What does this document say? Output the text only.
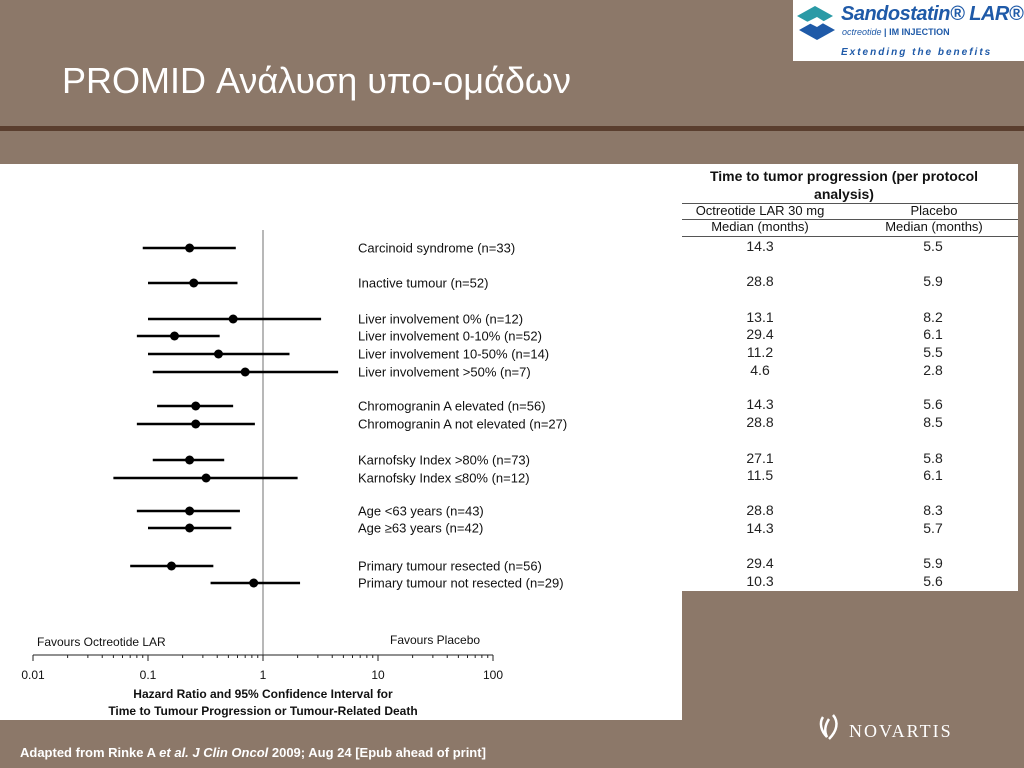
PROMID Ανάλυση υπο-ομάδων
Sandostatin® LAR®
octreotide | IM INJECTION
Extending the benefits
0.01	0.1	1	10	100
Hazard Ratio and 95% Confidence Interval for
Time to Tumour Progression or Tumour-Related Death
Favours Octreotide LAR	Favours Placebo
Carcinoid syndrome (n=33)
Inactive tumour (n=52)
Liver involvement 0% (n=12)
Liver involvement 0-10% (n=52)
Liver involvement 10-50% (n=14)
Liver involvement >50% (n=7)
Chromogranin A elevated (n=56)
Chromogranin A not elevated (n=27)
Karnofsky Index >80% (n=73)
Karnofsky Index ≤80% (n=12)
Age <63 years (n=43)
Age ≥63 years (n=42)
Primary tumour resected (n=56)
Primary tumour not resected (n=29)
Time to tumor progression (per protocol analysis)
Octreotide LAR 30 mg	Placebo
Median (months)	Median (months)
14.3	5.5
28.8	5.9
13.1	8.2
29.4	6.1
11.2	5.5
4.6	2.8
14.3	5.6
28.8	8.5
27.1	5.8
11.5	6.1
28.8	8.3
14.3	5.7
29.4	5.9
10.3	5.6
Adapted from Rinke A et al. J Clin Oncol 2009; Aug 24 [Epub ahead of print]
NOVARTIS
